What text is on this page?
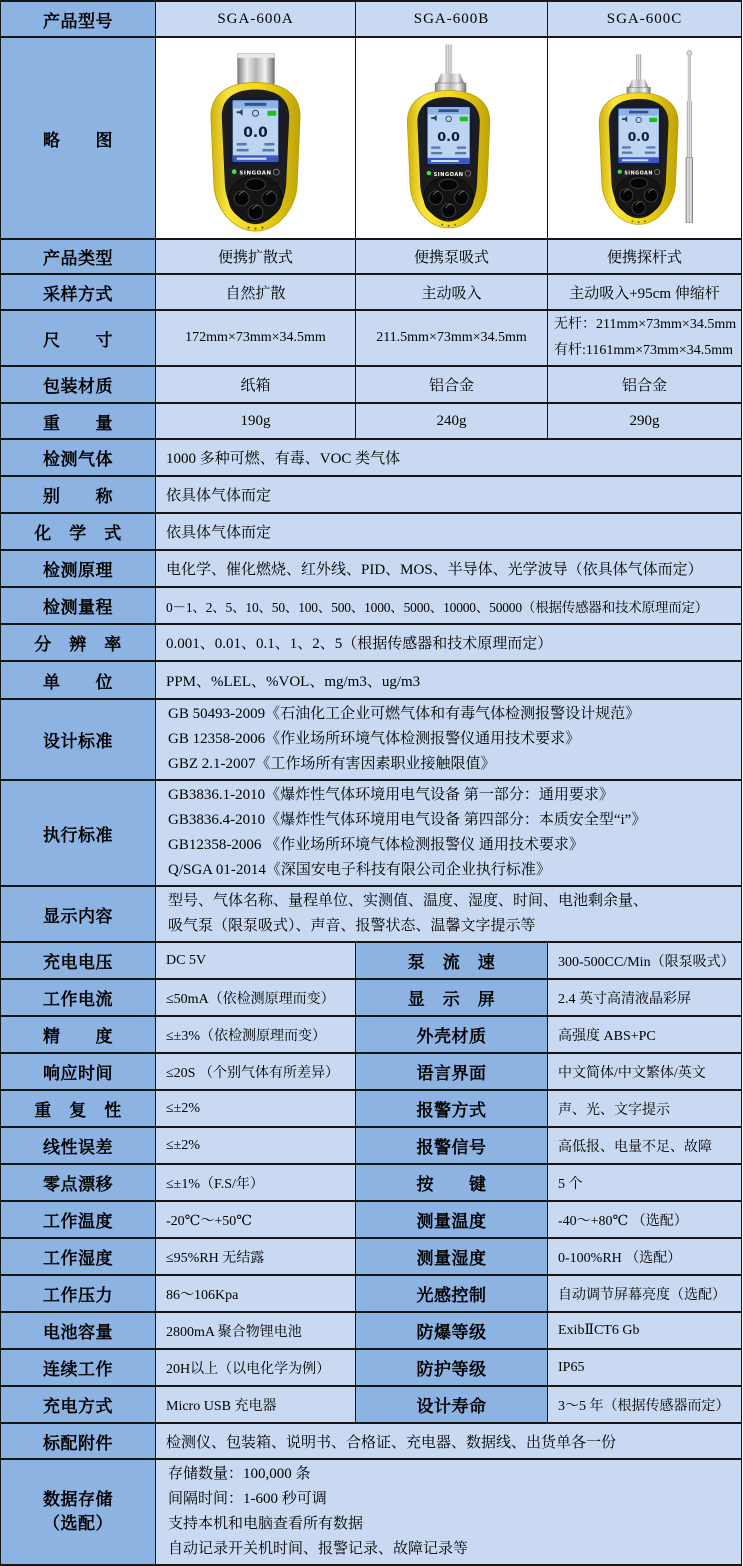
产品型号	SGA-600A	SGA-600B	SGA-600C
略　　图	

产品类型	便携扩散式	便携泵吸式	便携探杆式
采样方式	自然扩散	主动吸入	主动吸入+95cm 伸缩杆
尺　　寸	172mm×73mm×34.5mm	211.5mm×73mm×34.5mm	无杆：211mm×73mm×34.5mm
有杆:1161mm×73mm×34.5mm

包装材质	纸箱	铝合金	铝合金
重　　量	190g	240g	290g
检测气体	1000 多种可燃、有毒、VOC 类气体		
别　　称	依具体气体而定		
化　学　式	依具体气体而定		
检测原理	电化学、催化燃烧、红外线、PID、MOS、半导体、光学波导（依具体气体而定）		
检测量程	0－1、2、5、10、50、100、500、1000、5000、10000、50000（根据传感器和技术原理而定）		
分　辨　率	0.001、0.01、0.1、1、2、5（根据传感器和技术原理而定）		
单　　位	PPM、%LEL、%VOL、mg/m3、ug/m3		
设计标准	GB 50493-2009《石油化工企业可燃气体和有毒气体检测报警设计规范》
GB 12358-2006《作业场所环境气体检测报警仪通用技术要求》
GBZ 2.1-2007《工作场所有害因素职业接触限值》		

执行标准	GB3836.1-2010《爆炸性气体环境用电气设备 第一部分：通用要求》
GB3836.4-2010《爆炸性气体环境用电气设备 第四部分：本质安全型“i”》
GB12358-2006 《作业场所环境气体检测报警仪 通用技术要求》
Q/SGA 01-2014《深国安电子科技有限公司企业执行标准》		

显示内容	型号、气体名称、量程单位、实测值、温度、湿度、时间、电池剩余量、
吸气泵（限泵吸式）、声音、报警状态、温馨文字提示等		

充电电压	DC 5V	泵　流　速	300-500CC/Min（限泵吸式）
工作电流	≤50mA（依检测原理而变）	显　示　屏	2.4 英寸高清液晶彩屏
精　　度	≤±3%（依检测原理而变）	外壳材质	高强度 ABS+PC
响应时间	≤20S （个别气体有所差异）	语言界面	中文简体/中文繁体/英文
重　复　性	≤±2%	报警方式	声、光、文字提示
线性误差	≤±2%	报警信号	高低报、电量不足、故障
零点漂移	≤±1%（F.S/年）	按　　键	5 个
工作温度	-20℃～+50℃	测量温度	-40～+80℃ （选配）
工作湿度	≤95%RH 无结露	测量湿度	0-100%RH （选配）
工作压力	86～106Kpa	光感控制	自动调节屏幕亮度（选配）
电池容量	2800mA 聚合物锂电池	防爆等级	ExibⅡCT6 Gb
连续工作	20H以上（以电化学为例）	防护等级	IP65
充电方式	Micro USB 充电器	设计寿命	3～5 年（根据传感器而定）
标配附件	检测仪、包装箱、说明书、合格证、充电器、数据线、出货单各一份		

数据存储
（选配）

存储数量：100,000 条
间隔时间：1-600 秒可调
支持本机和电脑查看所有数据
自动记录开关机时间、报警记录、故障记录等
